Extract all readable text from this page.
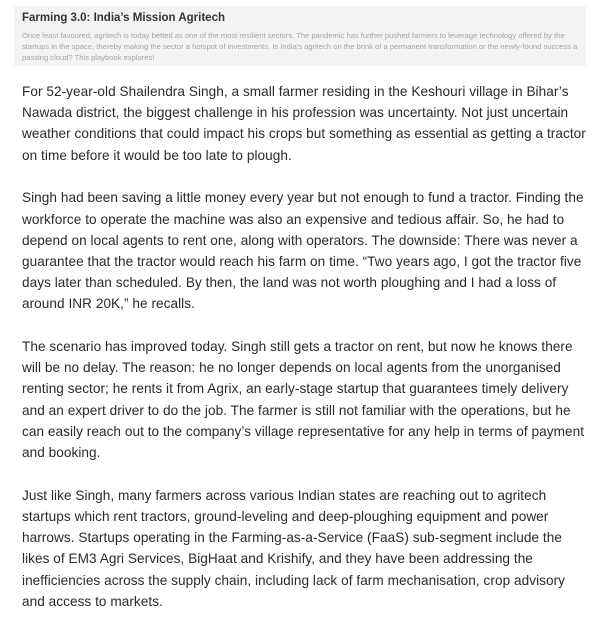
Farming 3.0: India’s Mission Agritech
Once least favoured, agritech is today betted as one of the most resilient sectors. The pandemic has further pushed farmers to leverage technology offered by the startups in the space, thereby making the sector a hotspot of investments. Is India's agritech on the brink of a permanent transformation or the newly-found success a passing cloud? This playbook explores!

For 52-year-old Shailendra Singh, a small farmer residing in the Keshouri village in Bihar’s Nawada district, the biggest challenge in his profession was uncertainty. Not just uncertain weather conditions that could impact his crops but something as essential as getting a tractor on time before it would be too late to plough.

Singh had been saving a little money every year but not enough to fund a tractor. Finding the workforce to operate the machine was also an expensive and tedious affair. So, he had to depend on local agents to rent one, along with operators. The downside: There was never a guarantee that the tractor would reach his farm on time. “Two years ago, I got the tractor five days later than scheduled. By then, the land was not worth ploughing and I had a loss of around INR 20K,” he recalls.

The scenario has improved today. Singh still gets a tractor on rent, but now he knows there will be no delay. The reason: he no longer depends on local agents from the unorganised renting sector; he rents it from Agrix, an early-stage startup that guarantees timely delivery and an expert driver to do the job. The farmer is still not familiar with the operations, but he can easily reach out to the company’s village representative for any help in terms of payment and booking.

Just like Singh, many farmers across various Indian states are reaching out to agritech startups which rent tractors, ground-leveling and deep-ploughing equipment and power harrows. Startups operating in the Farming-as-a-Service (FaaS) sub-segment include the likes of EM3 Agri Services, BigHaat and Krishify, and they have been addressing the inefficiencies across the supply chain, including lack of farm mechanisation, crop advisory and access to markets.
